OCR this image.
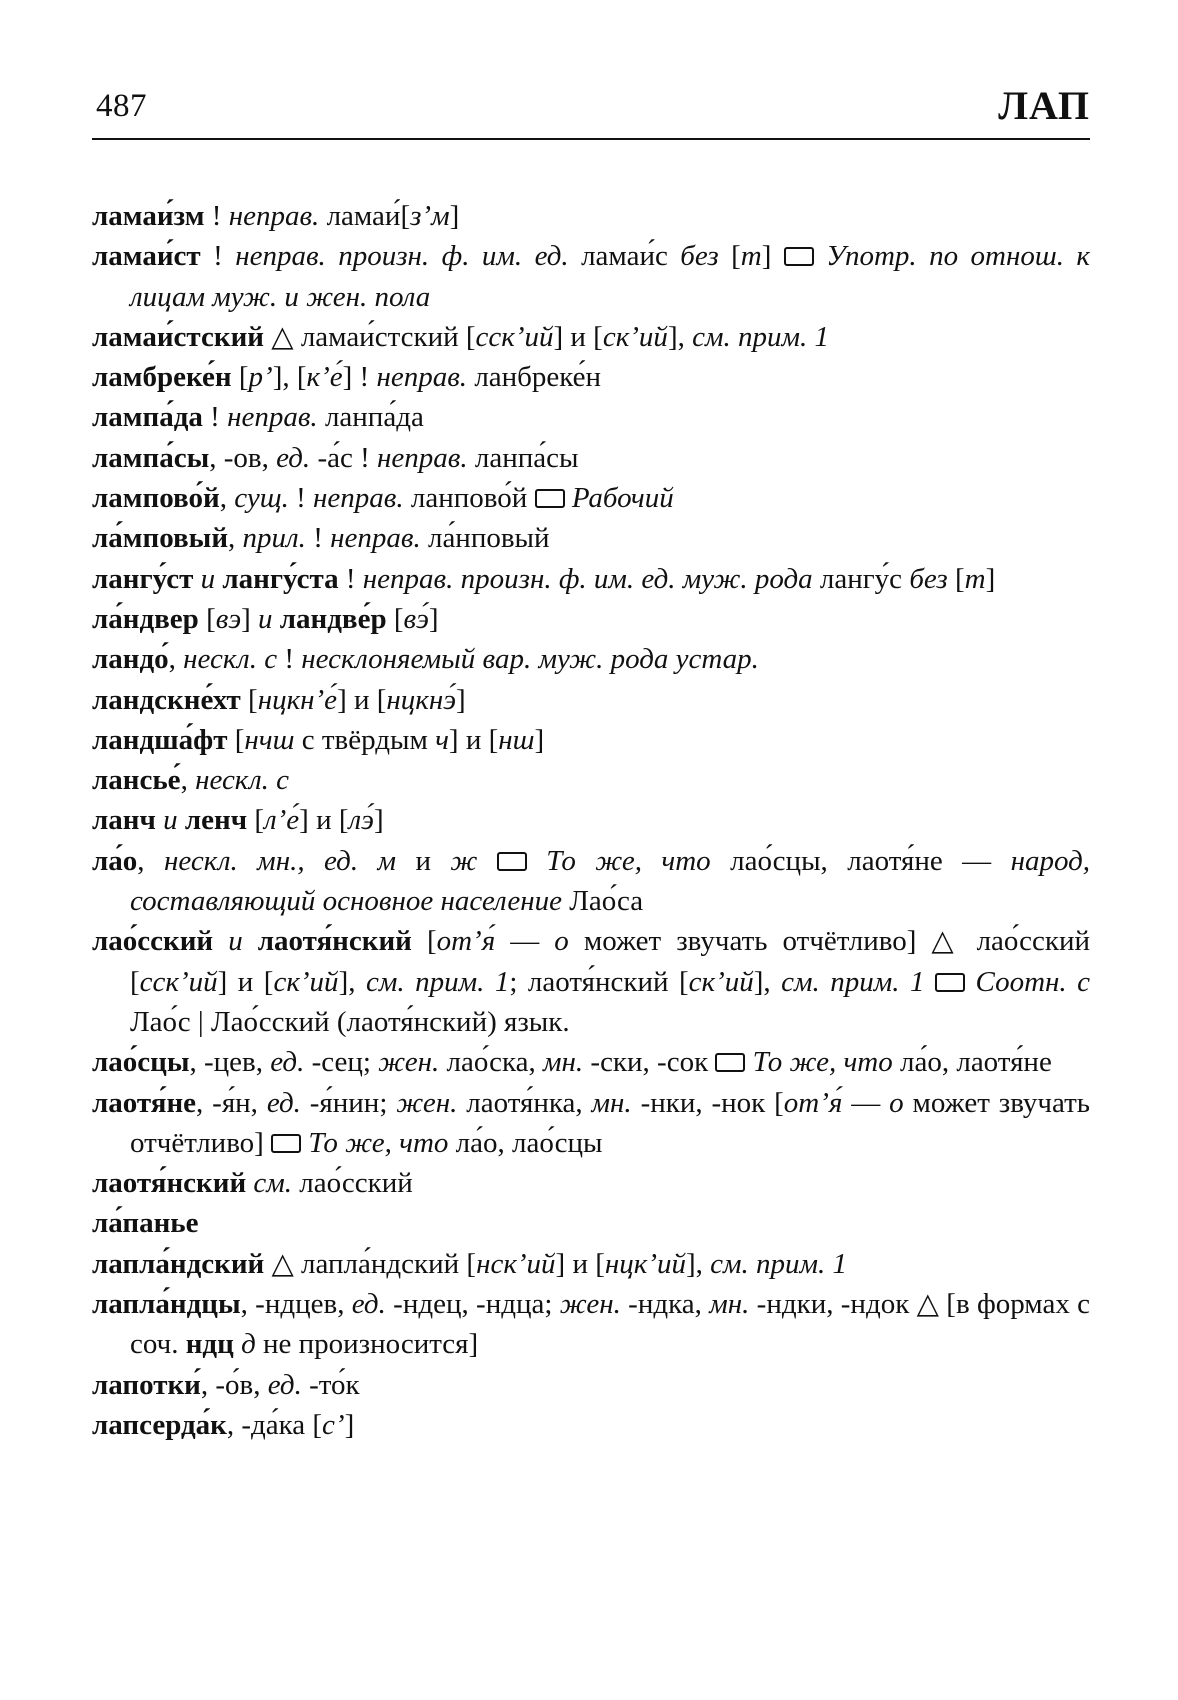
487	ЛАП
ламаи́зм ! неправ. ламаи́[зʼм]
ламаи́ст ! неправ. произн. ф. им. ед. ламаи́с без [т]  Употр. по отнош. к лицам муж. и жен. пола
ламаи́стский △ ламаи́стский [сскʼий] и [скʼий], см. прим. 1
ламбреке́н [рʼ], [кʼе́] ! неправ. ланбреке́н
лампа́да ! неправ. ланпа́да
лампа́сы, -ов, ед. -а́с ! неправ. ланпа́сы
лампово́й, сущ. ! неправ. ланпово́й  Рабочий
ла́мповый, прил. ! неправ. ла́нповый
лангу́ст и лангу́ста ! неправ. произн. ф. им. ед. муж. рода лангу́с без [т]
ла́ндвер [вэ] и ландве́р [вэ́]
ландо́, нескл. с ! несклоняемый вар. муж. рода устар.
ландскне́хт [нцкнʼе́] и [нцкнэ́]
ландша́фт [нчш с твёрдым ч] и [нш]
лансье́, нескл. с
ланч и ленч [лʼе́] и [лэ́]
ла́о, нескл. мн., ед. м и ж То же, что лао́сцы, лаотя́не — народ, составляющий основное население Лао́са
лао́сский и лаотя́нский [отʼя́ — о может звучать отчётливо] △ лао́сский [сскʼий] и [скʼий], см. прим. 1; лаотя́нский [скʼий], см. прим. 1 Соотн. с Лао́с | Лао́сский (лаотя́нский) язык.
лао́сцы, -цев, ед. -сец; жен. лао́ска, мн. -ски, -сок  То же, что ла́о, лаотя́не
лаотя́не, -я́н, ед. -я́нин; жен. лаотя́нка, мн. -нки, -нок [отʼя́ — о может звучать отчётливо]  То же, что ла́о, лао́сцы
лаотя́нский см. лао́сский
ла́панье
лапла́ндский △ лапла́ндский [нскʼий] и [нцкʼий], см. прим. 1
лапла́ндцы, -ндцев, ед. -ндец, -ндца; жен. -ндка, мн. -ндки, -ндок △ [в формах с соч. ндц д не произносится]
лапотки́, -о́в, ед. -то́к
лапсерда́к, -да́ка [сʼ]
